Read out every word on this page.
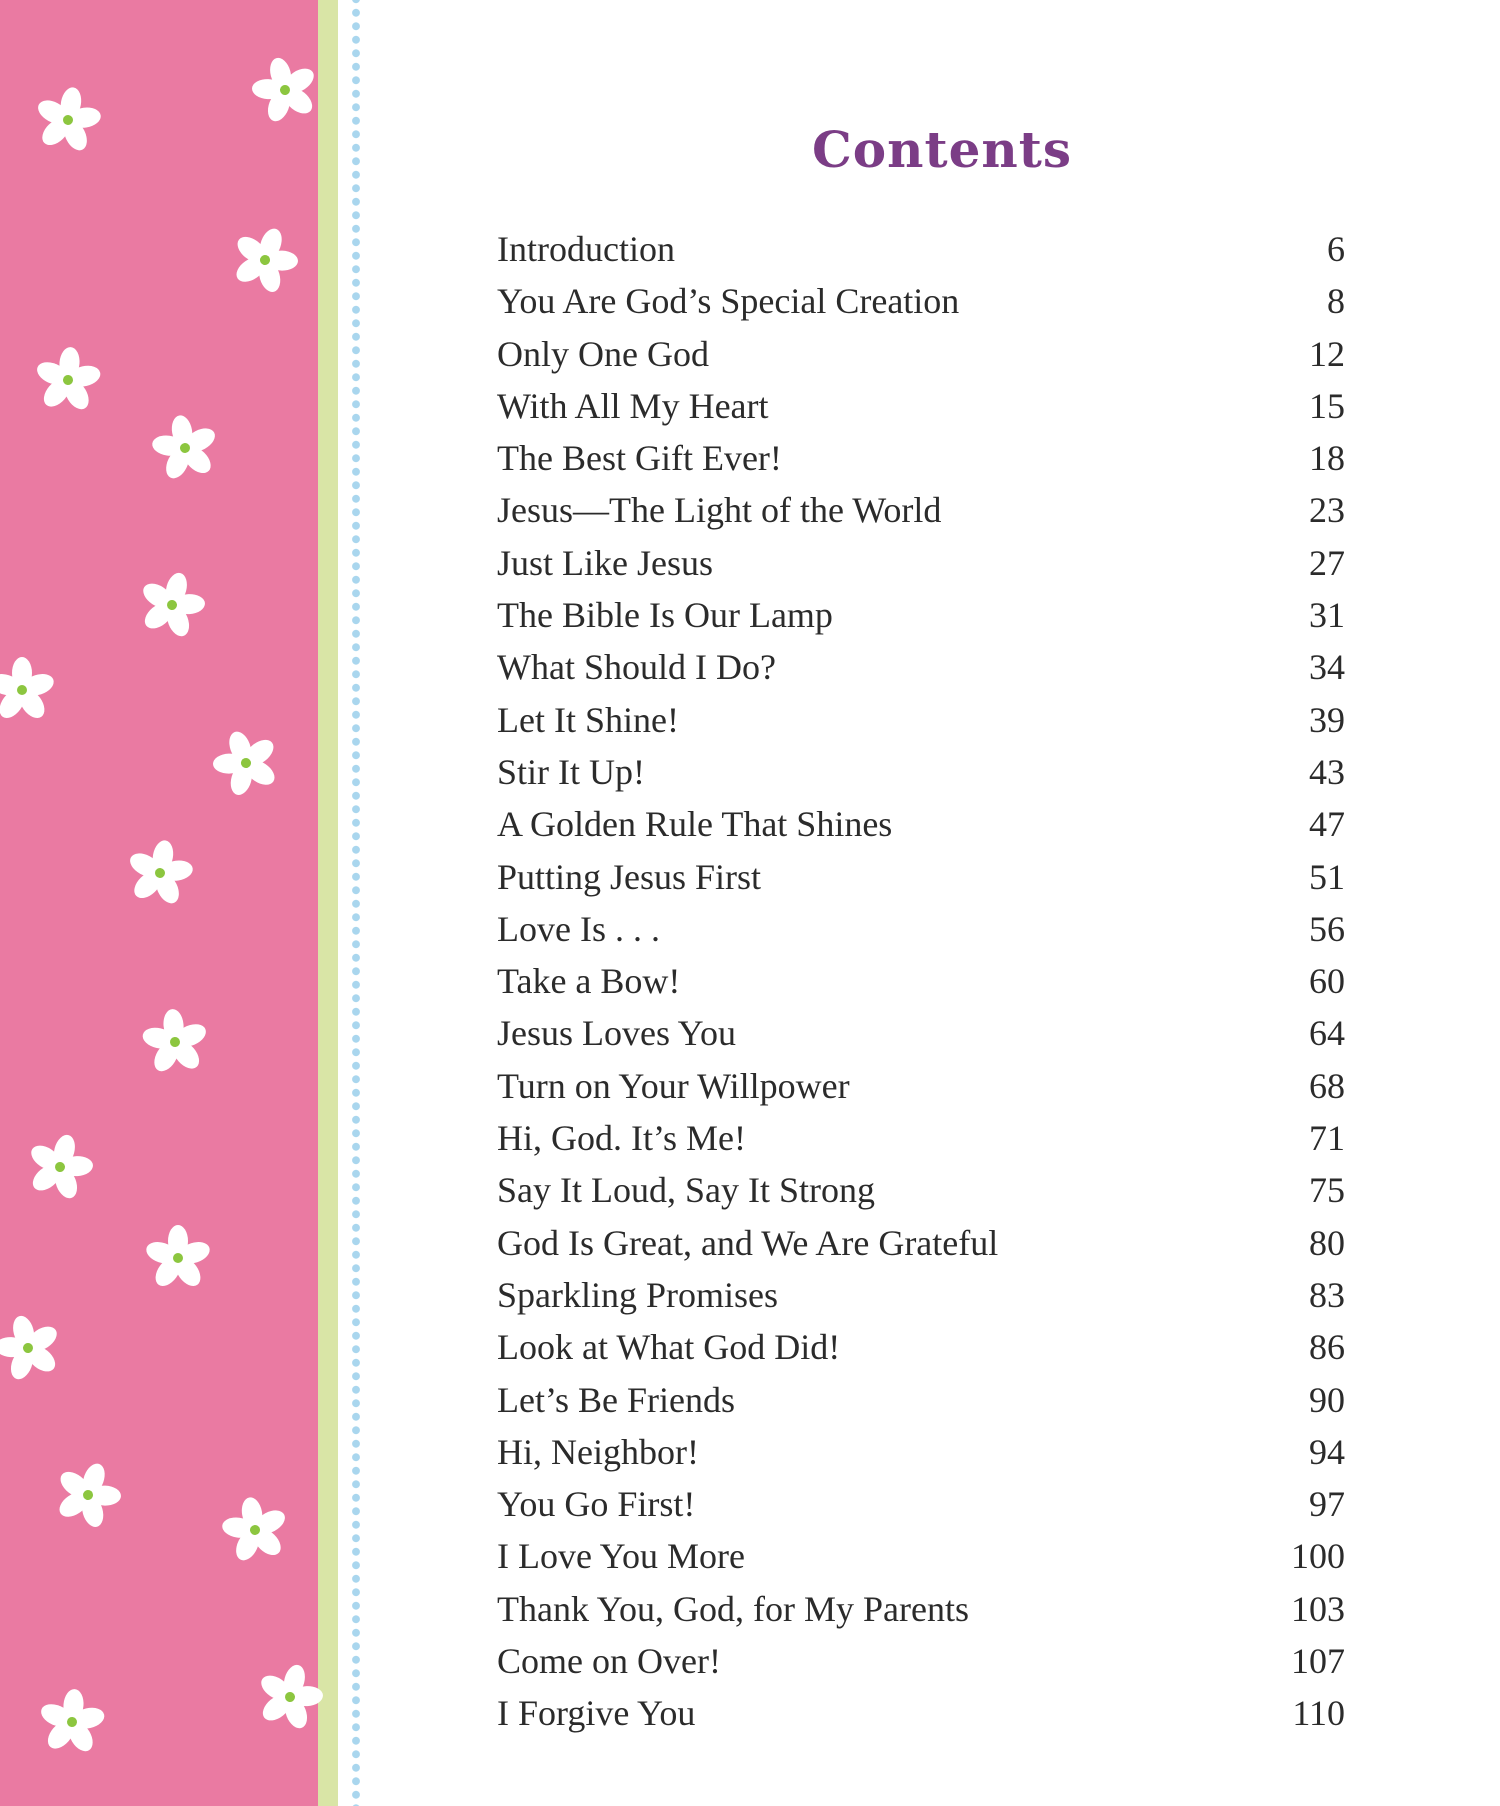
Contents
Introduction	6
You Are God’s Special Creation	8
Only One God	12
With All My Heart	15
The Best Gift Ever!	18
Jesus—The Light of the World	23
Just Like Jesus	27
The Bible Is Our Lamp	31
What Should I Do?	34
Let It Shine!	39
Stir It Up!	43
A Golden Rule That Shines	47
Putting Jesus First	51
Love Is . . .	56
Take a Bow!	60
Jesus Loves You	64
Turn on Your Willpower	68
Hi, God. It’s Me!	71
Say It Loud, Say It Strong	75
God Is Great, and We Are Grateful	80
Sparkling Promises	83
Look at What God Did!	86
Let’s Be Friends	90
Hi, Neighbor!	94
You Go First!	97
I Love You More	100
Thank You, God, for My Parents	103
Come on Over!	107
I Forgive You	110
